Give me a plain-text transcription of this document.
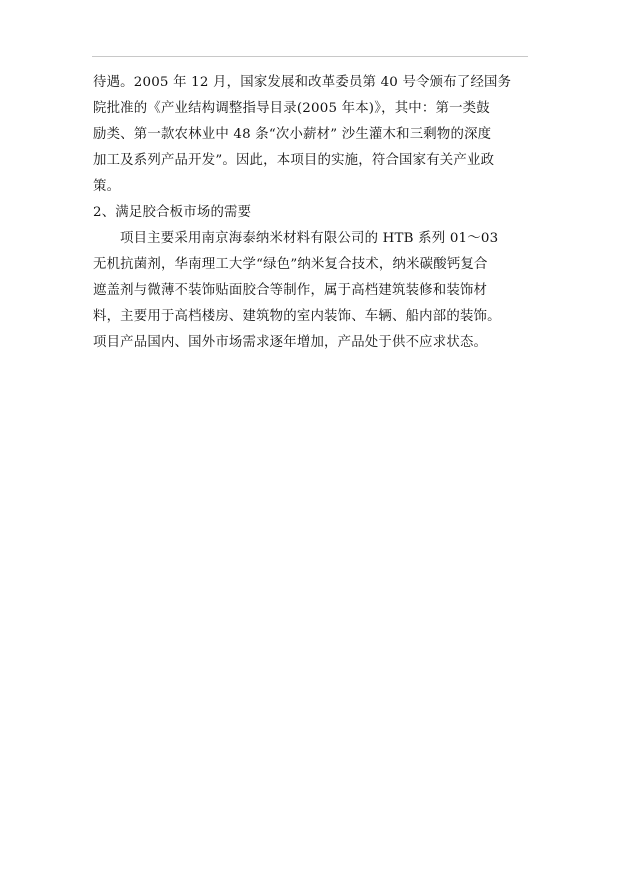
待遇。2005 年 12 月，国家发展和改革委员第 40 号令颁布了经国务
院批准的《产业结构调整指导目录(2005 年本)》，其中：第一类鼓
励类、第一款农林业中 48 条“次小薪材” 沙生灌木和三剩物的深度
加工及系列产品开发”。因此，本项目的实施，符合国家有关产业政
策。
2、满足胶合板市场的需要
项目主要采用南京海泰纳米材料有限公司的 HTB 系列 01～03
无机抗菌剂，华南理工大学“绿色”纳米复合技术，纳米碳酸钙复合
遮盖剂与微薄不装饰贴面胶合等制作，属于高档建筑装修和装饰材
料，主要用于高档楼房、建筑物的室内装饰、车辆、船内部的装饰。
项目产品国内、国外市场需求逐年增加，产品处于供不应求状态。
